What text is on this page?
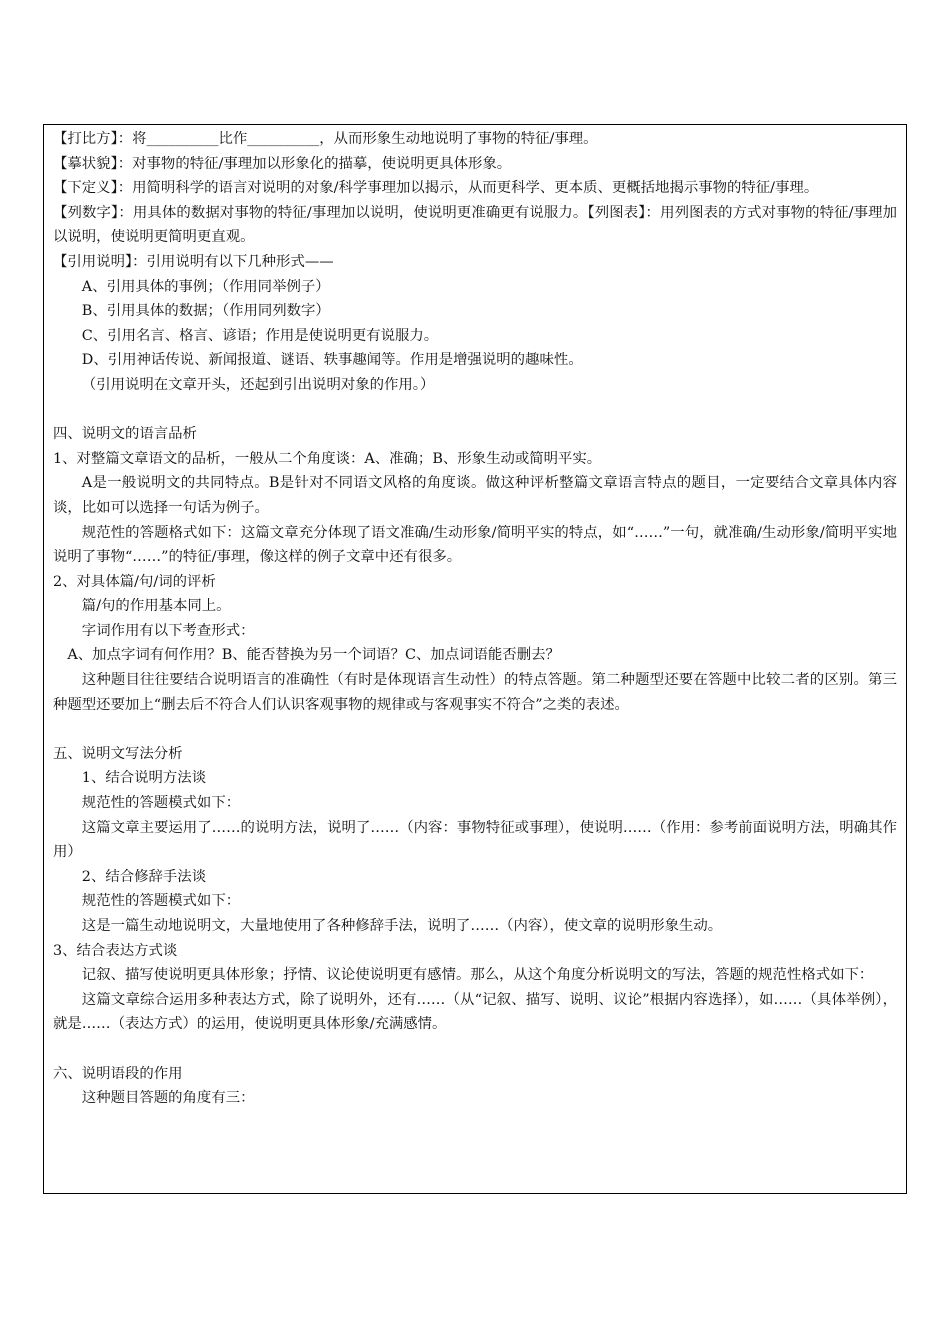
【打比方】：将__________比作__________，从而形象生动地说明了事物的特征/事理。

【摹状貌】：对事物的特征/事理加以形象化的描摹，使说明更具体形象。

【下定义】：用简明科学的语言对说明的对象/科学事理加以揭示，从而更科学、更本质、更概括地揭示事物的特征/事理。

【列数字】：用具体的数据对事物的特征/事理加以说明，使说明更准确更有说服力。【列图表】：用列图表的方式对事物的特征/事理加以说明，使说明更简明更直观。

【引用说明】：引用说明有以下几种形式——

A、引用具体的事例；（作用同举例子）

B、引用具体的数据；（作用同列数字）

C、引用名言、格言、谚语；作用是使说明更有说服力。

D、引用神话传说、新闻报道、谜语、轶事趣闻等。作用是增强说明的趣味性。

（引用说明在文章开头，还起到引出说明对象的作用。）

四、说明文的语言品析

1、对整篇文章语文的品析，一般从二个角度谈：A、准确；B、形象生动或简明平实。

A是一般说明文的共同特点。B是针对不同语文风格的角度谈。做这种评析整篇文章语言特点的题目，一定要结合文章具体内容谈，比如可以选择一句话为例子。

规范性的答题格式如下：这篇文章充分体现了语文准确/生动形象/简明平实的特点，如“……”一句，就准确/生动形象/简明平实地说明了事物“……”的特征/事理，像这样的例子文章中还有很多。

2、对具体篇/句/词的评析

篇/句的作用基本同上。

字词作用有以下考查形式：

A、加点字词有何作用？B、能否替换为另一个词语？C、加点词语能否删去？

这种题目往往要结合说明语言的准确性（有时是体现语言生动性）的特点答题。第二种题型还要在答题中比较二者的区别。第三种题型还要加上“删去后不符合人们认识客观事物的规律或与客观事实不符合”之类的表述。

五、说明文写法分析

1、结合说明方法谈

规范性的答题模式如下：

这篇文章主要运用了……的说明方法，说明了……（内容：事物特征或事理），使说明……（作用：参考前面说明方法，明确其作用）

2、结合修辞手法谈

规范性的答题模式如下：

这是一篇生动地说明文，大量地使用了各种修辞手法，说明了……（内容），使文章的说明形象生动。

3、结合表达方式谈

记叙、描写使说明更具体形象；抒情、议论使说明更有感情。那么，从这个角度分析说明文的写法，答题的规范性格式如下：

这篇文章综合运用多种表达方式，除了说明外，还有……（从“记叙、描写、说明、议论”根据内容选择），如……（具体举例），就是……（表达方式）的运用，使说明更具体形象/充满感情。

六、说明语段的作用

这种题目答题的角度有三：
